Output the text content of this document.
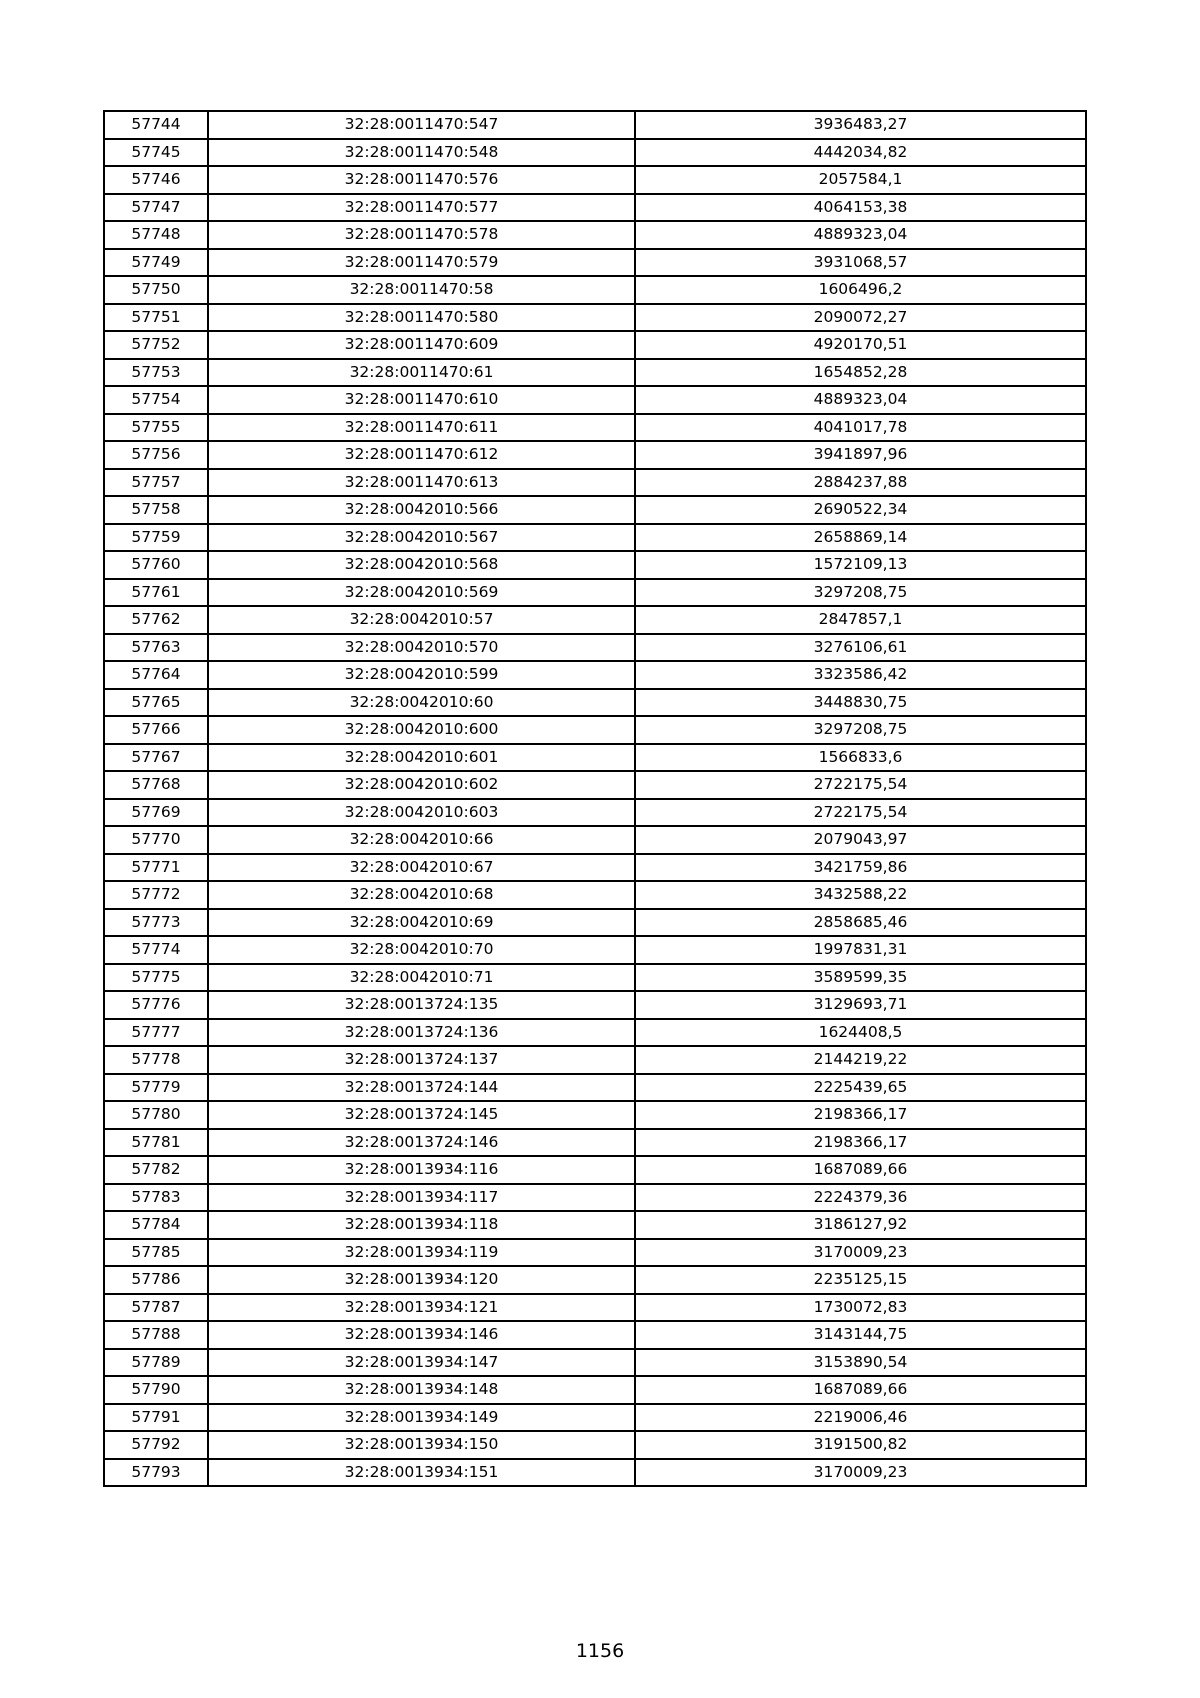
57744	32:28:0011470:547	3936483,27
57745	32:28:0011470:548	4442034,82
57746	32:28:0011470:576	2057584,1
57747	32:28:0011470:577	4064153,38
57748	32:28:0011470:578	4889323,04
57749	32:28:0011470:579	3931068,57
57750	32:28:0011470:58	1606496,2
57751	32:28:0011470:580	2090072,27
57752	32:28:0011470:609	4920170,51
57753	32:28:0011470:61	1654852,28
57754	32:28:0011470:610	4889323,04
57755	32:28:0011470:611	4041017,78
57756	32:28:0011470:612	3941897,96
57757	32:28:0011470:613	2884237,88
57758	32:28:0042010:566	2690522,34
57759	32:28:0042010:567	2658869,14
57760	32:28:0042010:568	1572109,13
57761	32:28:0042010:569	3297208,75
57762	32:28:0042010:57	2847857,1
57763	32:28:0042010:570	3276106,61
57764	32:28:0042010:599	3323586,42
57765	32:28:0042010:60	3448830,75
57766	32:28:0042010:600	3297208,75
57767	32:28:0042010:601	1566833,6
57768	32:28:0042010:602	2722175,54
57769	32:28:0042010:603	2722175,54
57770	32:28:0042010:66	2079043,97
57771	32:28:0042010:67	3421759,86
57772	32:28:0042010:68	3432588,22
57773	32:28:0042010:69	2858685,46
57774	32:28:0042010:70	1997831,31
57775	32:28:0042010:71	3589599,35
57776	32:28:0013724:135	3129693,71
57777	32:28:0013724:136	1624408,5
57778	32:28:0013724:137	2144219,22
57779	32:28:0013724:144	2225439,65
57780	32:28:0013724:145	2198366,17
57781	32:28:0013724:146	2198366,17
57782	32:28:0013934:116	1687089,66
57783	32:28:0013934:117	2224379,36
57784	32:28:0013934:118	3186127,92
57785	32:28:0013934:119	3170009,23
57786	32:28:0013934:120	2235125,15
57787	32:28:0013934:121	1730072,83
57788	32:28:0013934:146	3143144,75
57789	32:28:0013934:147	3153890,54
57790	32:28:0013934:148	1687089,66
57791	32:28:0013934:149	2219006,46
57792	32:28:0013934:150	3191500,82
57793	32:28:0013934:151	3170009,23
1156
